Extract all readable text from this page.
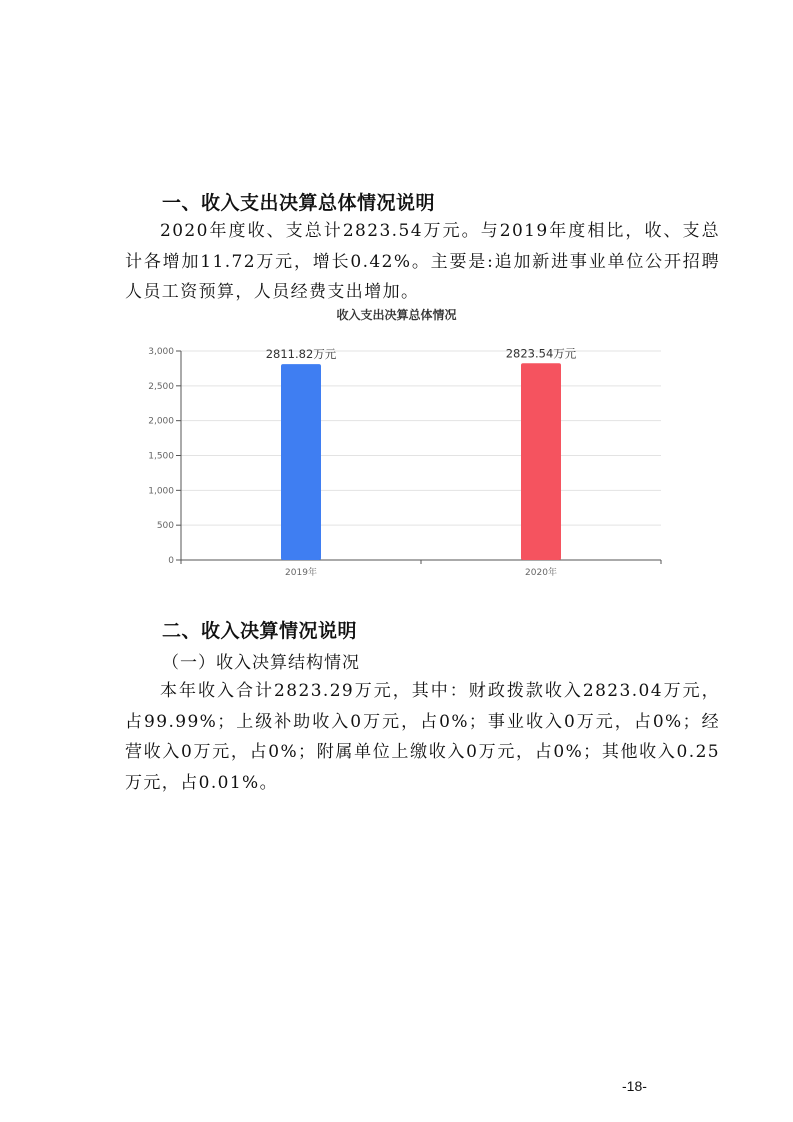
一、收入支出决算总体情况说明
2020年度收、支总计2823.54万元。与2019年度相比，收、支总计各增加11.72万元，增长0.42%。主要是:追加新进事业单位公开招聘人员工资预算，人员经费支出增加。
收入支出决算总体情况
0
500
1,000
1,500
2,000
2,500
3,000	2811.82万元
2019年
2823.54万元
2020年
二、收入决算情况说明
（一）收入决算结构情况
本年收入合计2823.29万元，其中：财政拨款收入2823.04万元，占99.99%；上级补助收入0万元，占0%；事业收入0万元，占0%；经营收入0万元，占0%；附属单位上缴收入0万元，占0%；其他收入0.25万元，占0.01%。
-18-
